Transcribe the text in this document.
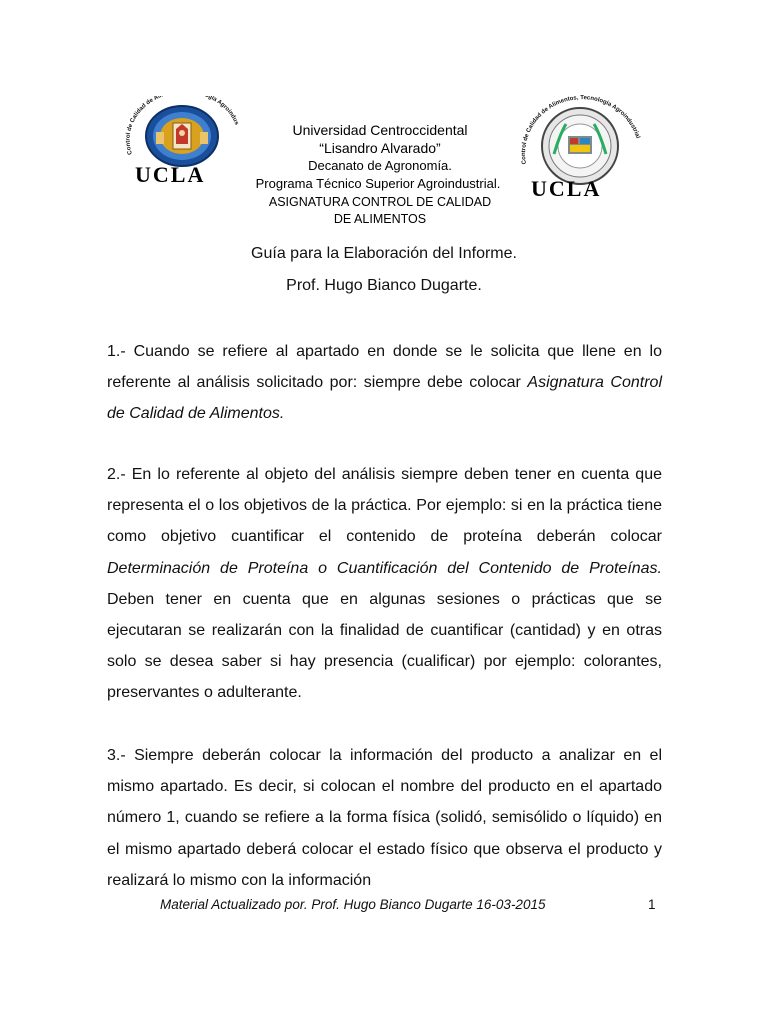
Control de Calidad de Ali gía Agroindus
UCLA	Control de Calidad de Alimentos, Tecnología Agroindustrial
UCLA
Universidad Centroccidental
“Lisandro Alvarado”
Decanato de Agronomía.
Programa Técnico Superior Agroindustrial.
ASIGNATURA CONTROL DE CALIDAD
DE ALIMENTOS
Guía para la Elaboración del Informe.
Prof. Hugo Bianco Dugarte.
1.- Cuando se refiere al apartado en donde se le solicita que llene en lo referente al análisis solicitado por: siempre debe colocar Asignatura Control de Calidad de Alimentos.
2.- En lo referente al objeto del análisis siempre deben tener en cuenta que representa el o los objetivos de la práctica. Por ejemplo: si en la práctica tiene como objetivo cuantificar el contenido de proteína deberán colocar Determinación de Proteína o Cuantificación del Contenido de Proteínas. Deben tener en cuenta que en algunas sesiones o prácticas que se ejecutaran se realizarán con la finalidad de cuantificar (cantidad) y en otras solo se desea saber si hay presencia (cualificar) por ejemplo: colorantes, preservantes o adulterante.
3.- Siempre deberán colocar la información del producto a analizar en el mismo apartado. Es decir, si colocan el nombre del producto en el apartado número 1, cuando se refiere a la forma física (solidó, semisólido o líquido) en el mismo apartado deberá colocar el estado físico que observa el producto y realizará lo mismo con la información
Material Actualizado por. Prof. Hugo Bianco Dugarte 16-03-2015	1
